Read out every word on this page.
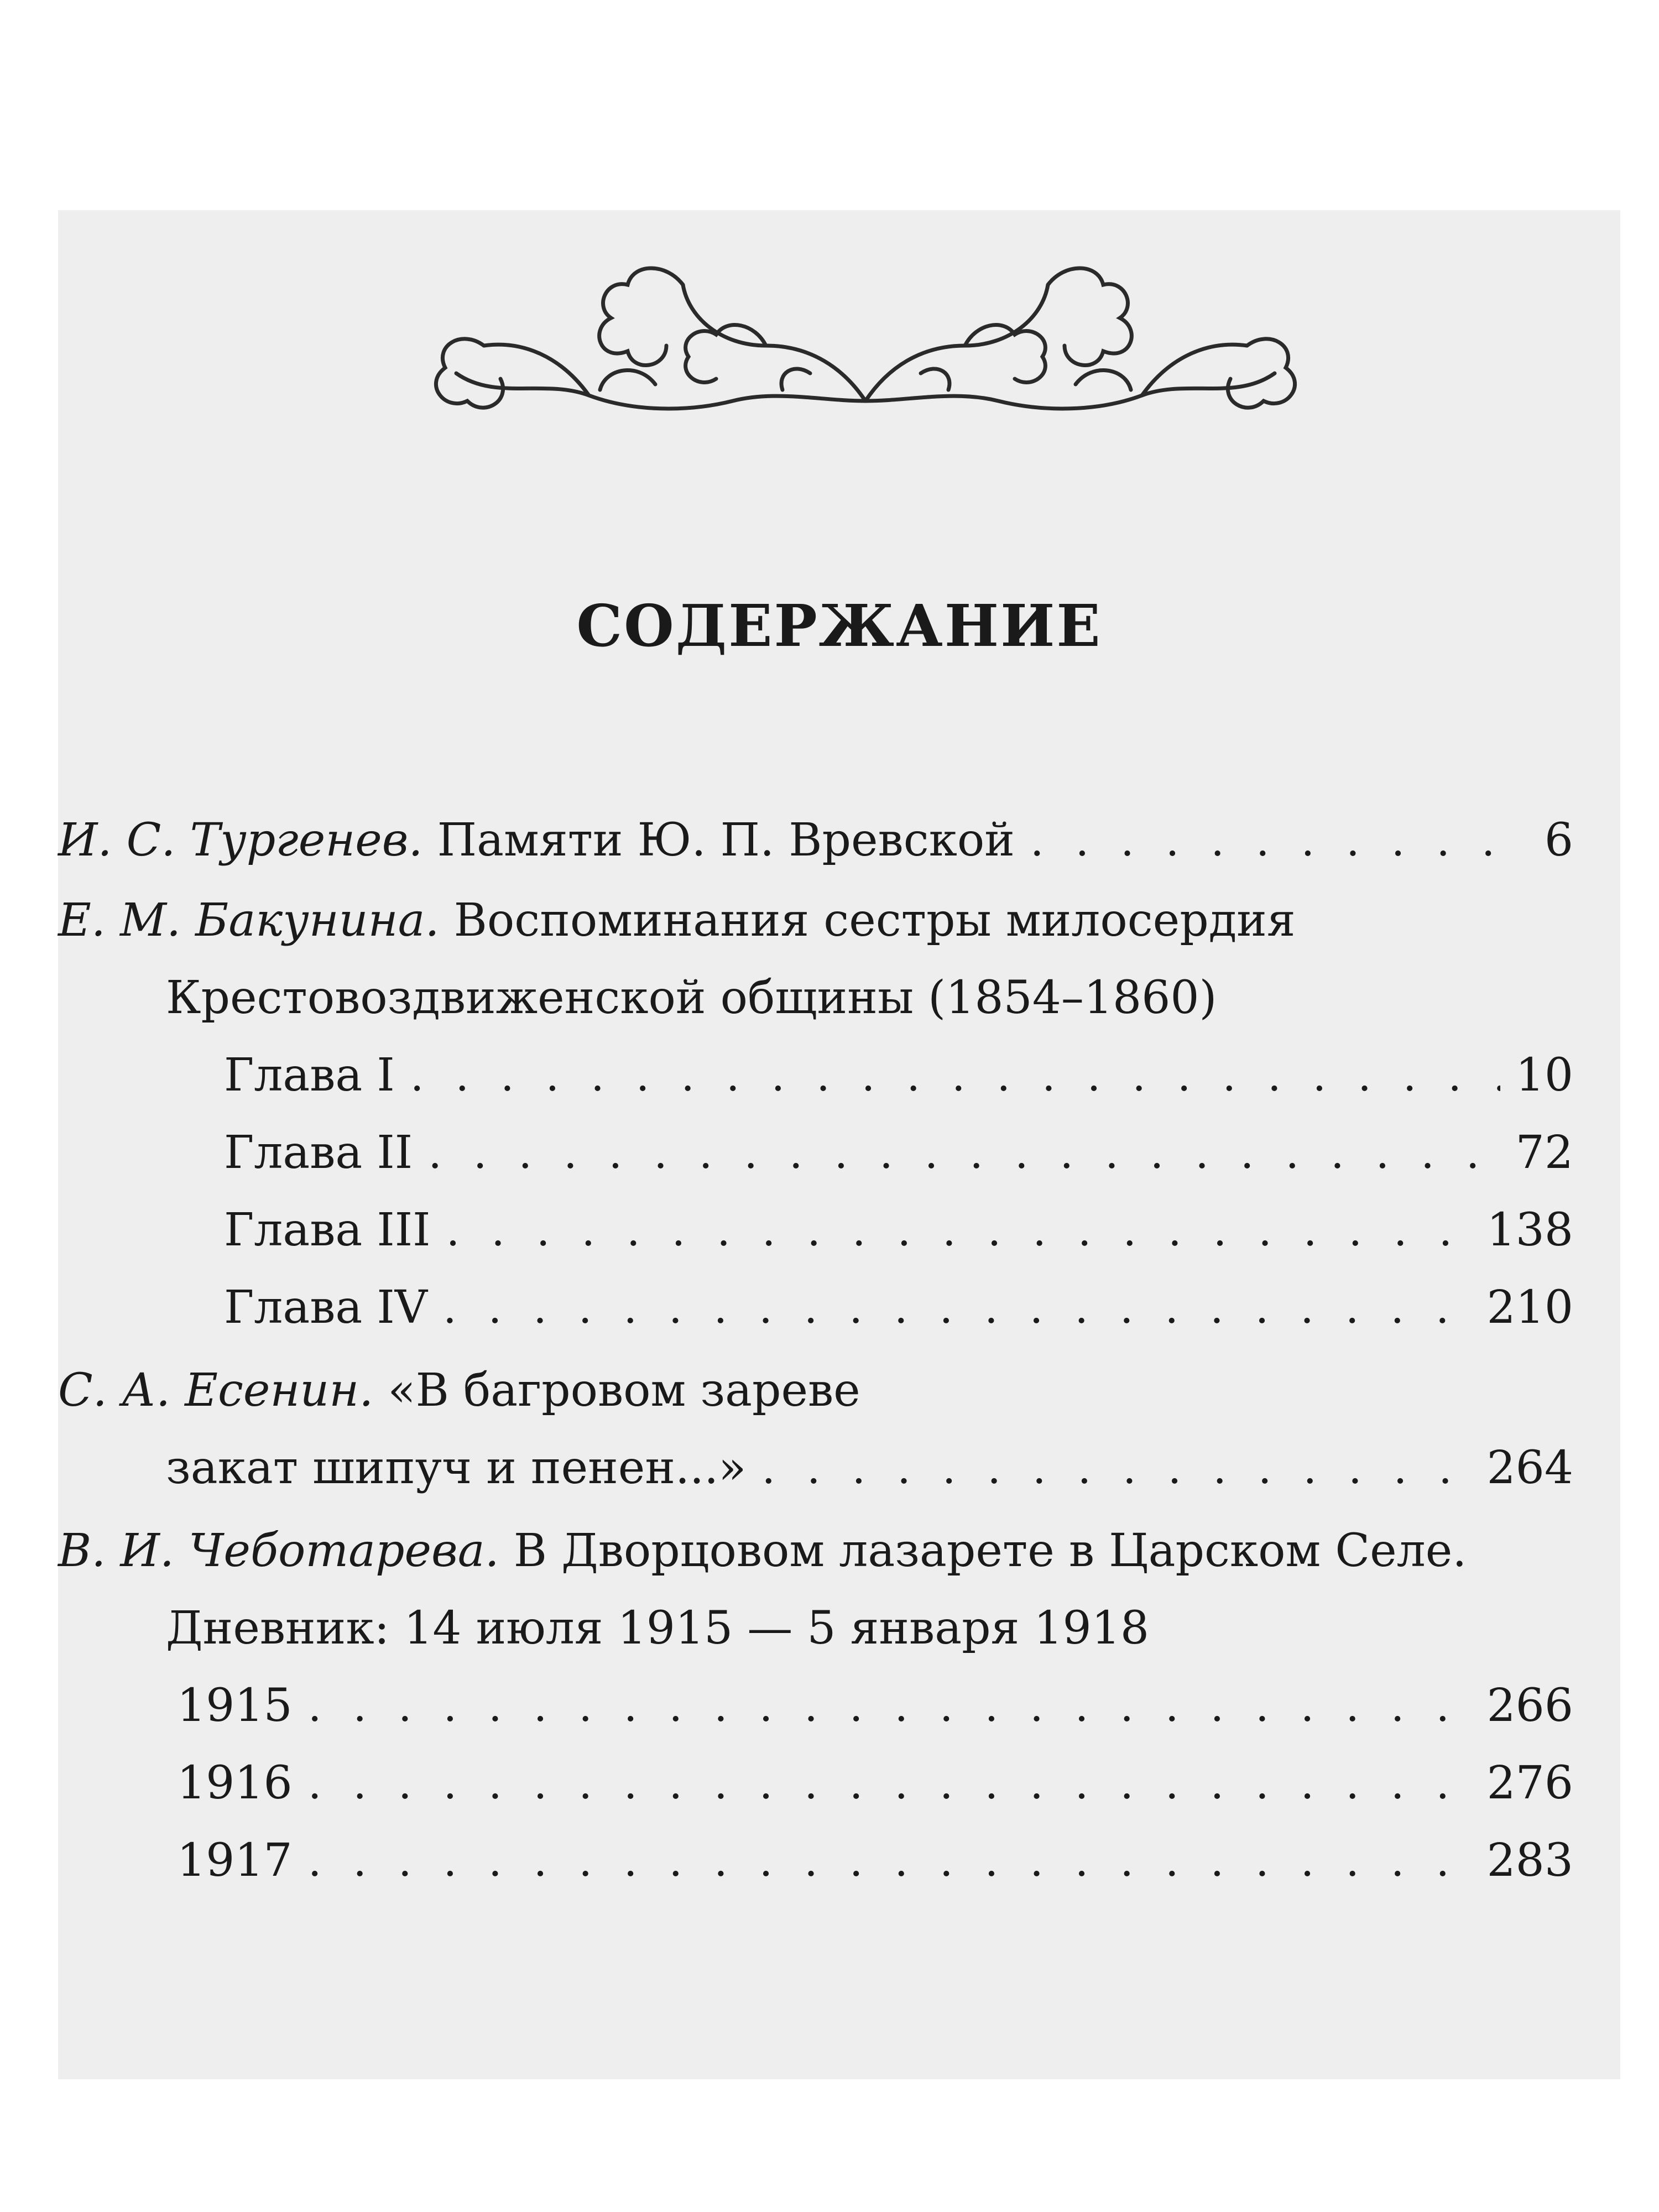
СОДЕРЖАНИЕ
И. С. Тургенев. Памяти Ю. П. Вревской . . .	6
Е. М. Бакунина. Воспоминания сестры милосердия
Крестовоздвиженской общины (1854–1860)
Глава I . . .	10
Глава II . . .	72
Глава III . . .	138
Глава IV . . .	210
С. А. Есенин. «В багровом зареве
закат шипуч и пенен...» . . .	264
В. И. Чеботарева. В Дворцовом лазарете в Царском Селе.
Дневник: 14 июля 1915 — 5 января 1918
1915 . . .	266
1916 . . .	276
1917 . . .	283
